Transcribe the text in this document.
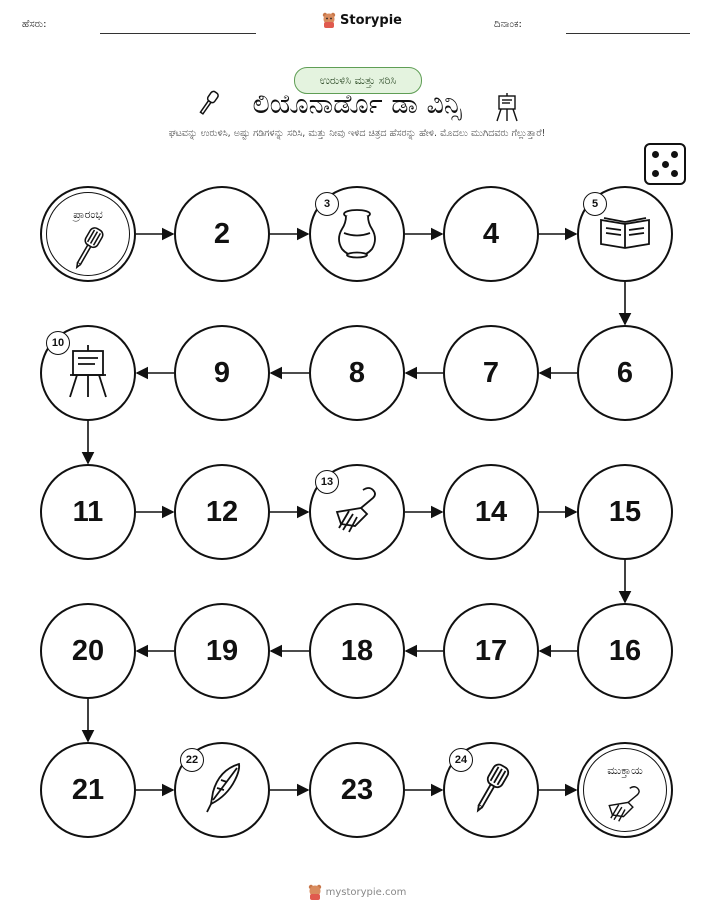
ಹೆಸರು:	Storypie	ದಿನಾಂಕ:
ಉರುಳಿಸಿ ಮತ್ತು ಸರಿಸಿ
ಲಿಯೊನಾರ್ಡೊ ಡಾ ವಿನ್ಸಿ
ಘಟವನ್ನು ಉರುಳಿಸಿ, ಅಷ್ಟು ಗಡಿಗಳನ್ನು ಸರಿಸಿ, ಮತ್ತು ನೀವು ಇಳಿದ ಚಿತ್ರದ ಹೆಸರನ್ನು ಹೇಳಿ. ಮೊದಲು ಮುಗಿದವರು ಗೆಲ್ಲುತ್ತಾರೆ!
ಪ್ರಾರಂಭ
2
3
4
5
6
7
8
9
10
11	12
13
14	15
16
17
18
19
20
21
22
23
24
ಮುಕ್ತಾಯ
mystorypie.com
